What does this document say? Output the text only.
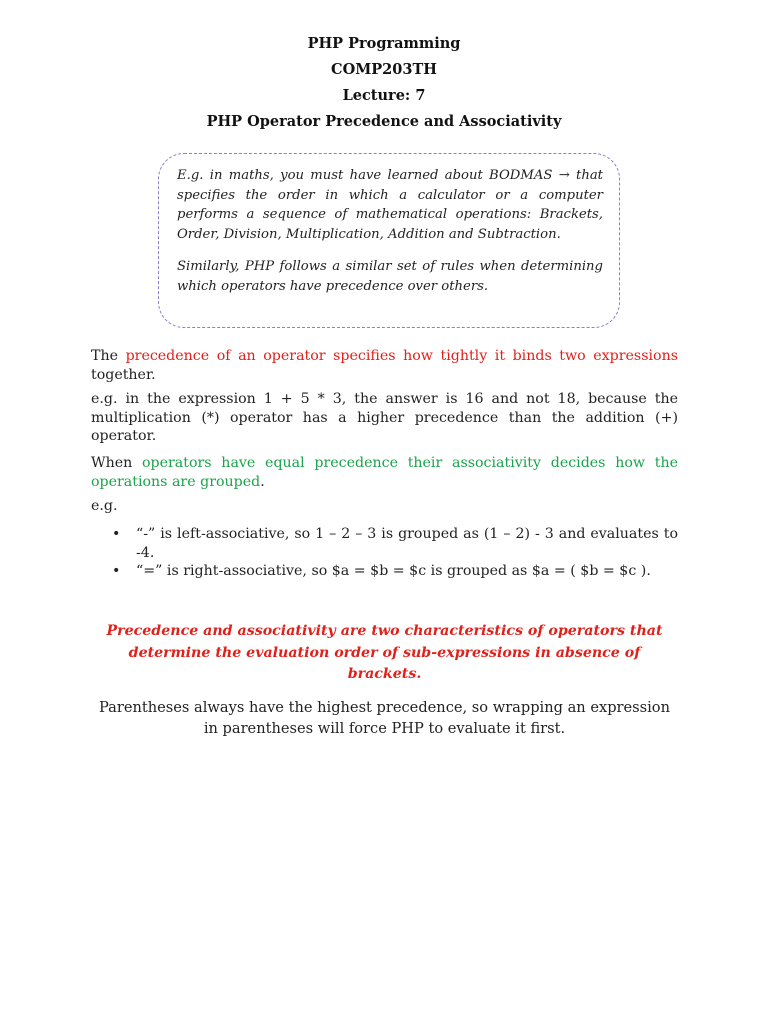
PHP Programming
COMP203TH
Lecture: 7
PHP Operator Precedence and Associativity

E.g. in maths, you must have learned about BODMAS → that specifies the order in which a calculator or a computer performs a sequence of mathematical operations: Brackets, Order, Division, Multiplication, Addition and Subtraction.

Similarly, PHP follows a similar set of rules when determining which operators have precedence over others.

The precedence of an operator specifies how tightly it binds two expressions together.
e.g. in the expression 1 + 5 * 3, the answer is 16 and not 18, because the multiplication (*) operator has a higher precedence than the addition (+) operator.
When operators have equal precedence their associativity decides how the operations are grouped.
e.g.
• “-” is left-associative, so 1 – 2 – 3 is grouped as (1 – 2) - 3 and evaluates to -4.
• “=” is right-associative, so $a = $b = $c is grouped as $a = ( $b = $c ).
Precedence and associativity are two characteristics of operators that determine the evaluation order of sub-expressions in absence of brackets.
Parentheses always have the highest precedence, so wrapping an expression in parentheses will force PHP to evaluate it first.
